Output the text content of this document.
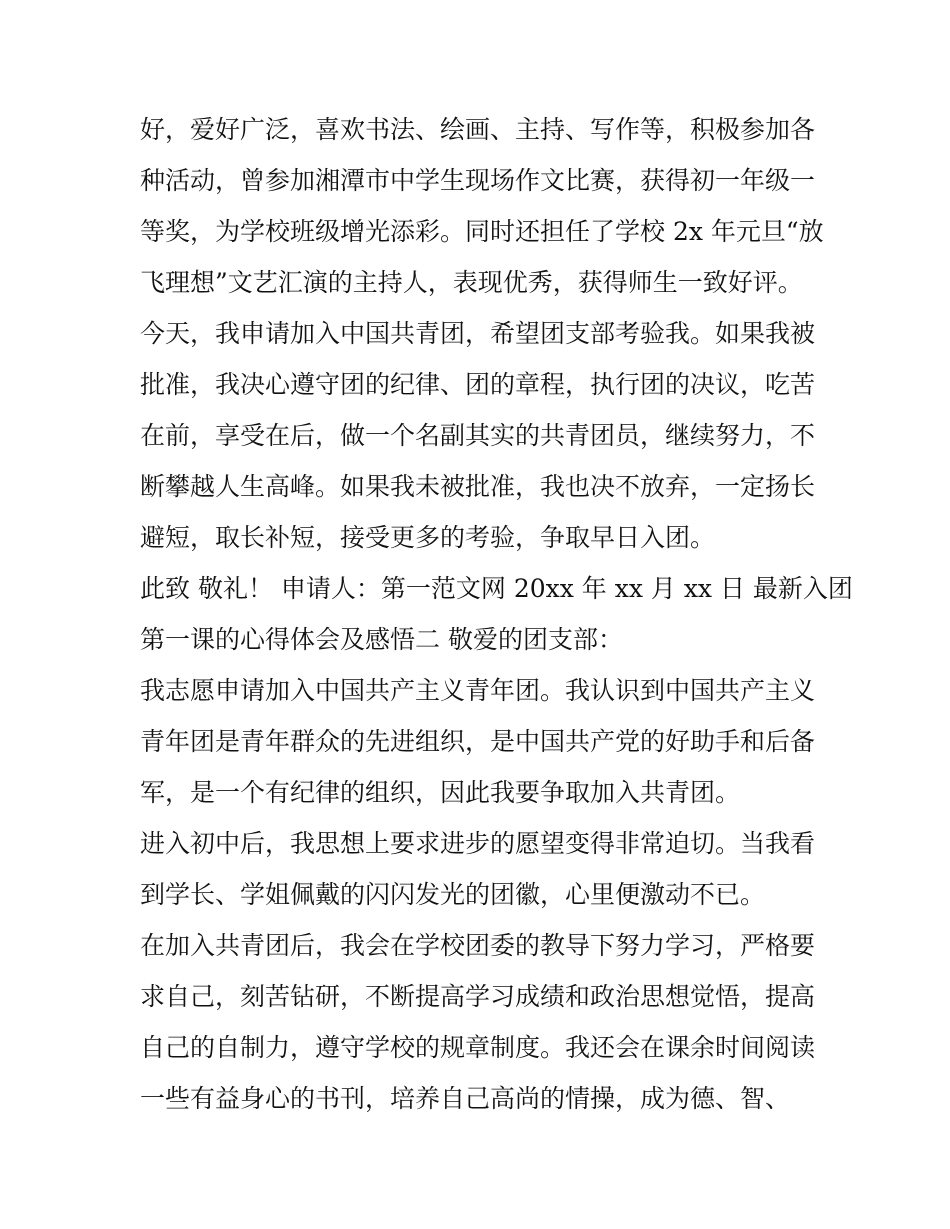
好，爱好广泛，喜欢书法、绘画、主持、写作等，积极参加各
种活动，曾参加湘潭市中学生现场作文比赛，获得初一年级一
等奖，为学校班级增光添彩。同时还担任了学校 2x 年元旦“放
飞理想”文艺汇演的主持人，表现优秀，获得师生一致好评。
今天，我申请加入中国共青团，希望团支部考验我。如果我被
批准，我决心遵守团的纪律、团的章程，执行团的决议，吃苦
在前，享受在后，做一个名副其实的共青团员，继续努力，不
断攀越人生高峰。如果我未被批准，我也决不放弃，一定扬长
避短，取长补短，接受更多的考验，争取早日入团。
此致 敬礼！ 申请人：第一范文网 20xx 年 xx 月 xx 日 最新入团
第一课的心得体会及感悟二 敬爱的团支部：
我志愿申请加入中国共产主义青年团。我认识到中国共产主义
青年团是青年群众的先进组织，是中国共产党的好助手和后备
军，是一个有纪律的组织，因此我要争取加入共青团。
进入初中后，我思想上要求进步的愿望变得非常迫切。当我看
到学长、学姐佩戴的闪闪发光的团徽，心里便激动不已。
在加入共青团后，我会在学校团委的教导下努力学习，严格要
求自己，刻苦钻研，不断提高学习成绩和政治思想觉悟，提高
自己的自制力，遵守学校的规章制度。我还会在课余时间阅读
一些有益身心的书刊，培养自己高尚的情操，成为德、智、
